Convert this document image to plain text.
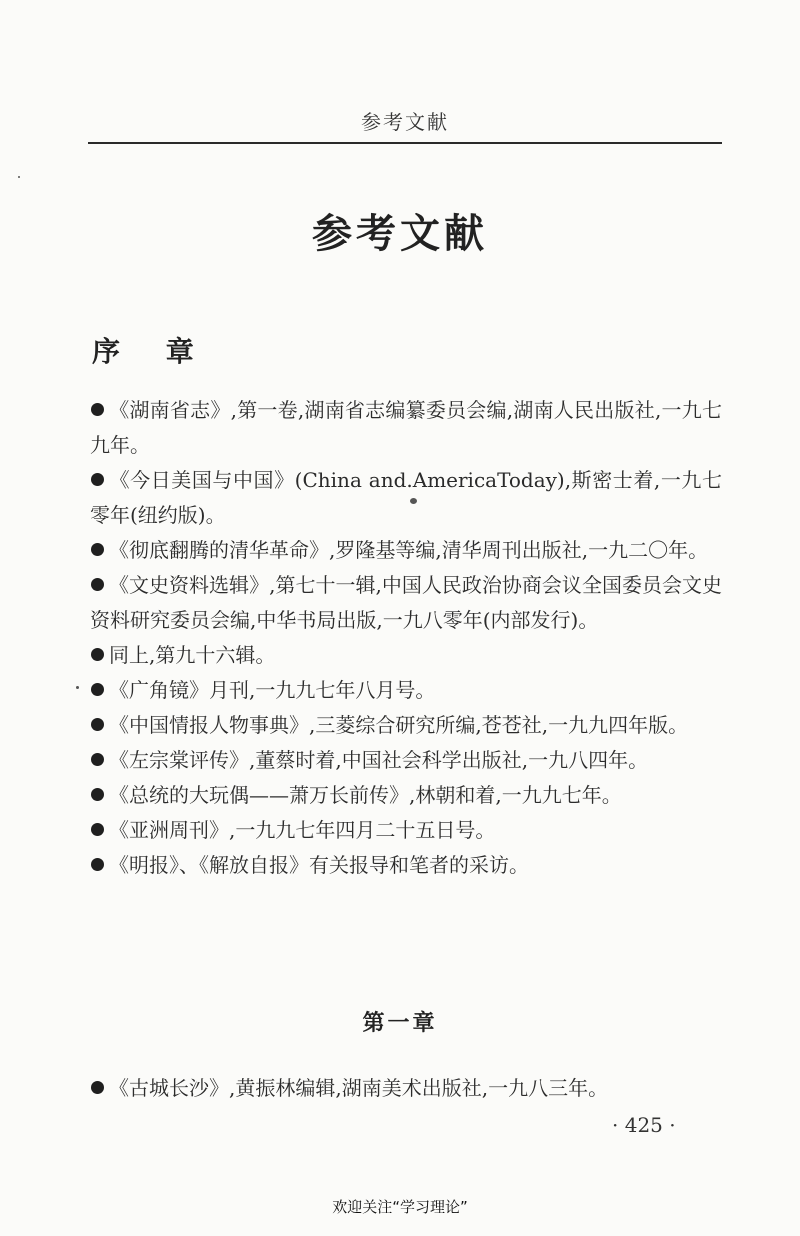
参考文献
参考文献
序 章
《湖南省志》,第一卷,湖南省志编纂委员会编,湖南人民出版社,一九七九年。
《今日美国与中国》(China and.AmericaToday),斯密士着,一九七零年(纽约版)。
《彻底翻腾的清华革命》,罗隆基等编,清华周刊出版社,一九二〇年。
《文史资料选辑》,第七十一辑,中国人民政治协商会议全国委员会文史资料研究委员会编,中华书局出版,一九八零年(内部发行)。
同上,第九十六辑。
《广角镜》月刊,一九九七年八月号。
《中国情报人物事典》,三菱综合研究所编,苍苍社,一九九四年版。
《左宗棠评传》,董蔡时着,中国社会科学出版社,一九八四年。
《总统的大玩偶——萧万长前传》,林朝和着,一九九七年。
《亚洲周刊》,一九九七年四月二十五日号。
《明报》、《解放自报》有关报导和笔者的采访。
第一章
《古城长沙》,黄振林编辑,湖南美术出版社,一九八三年。
· 425 ·
欢迎关注“学习理论”
